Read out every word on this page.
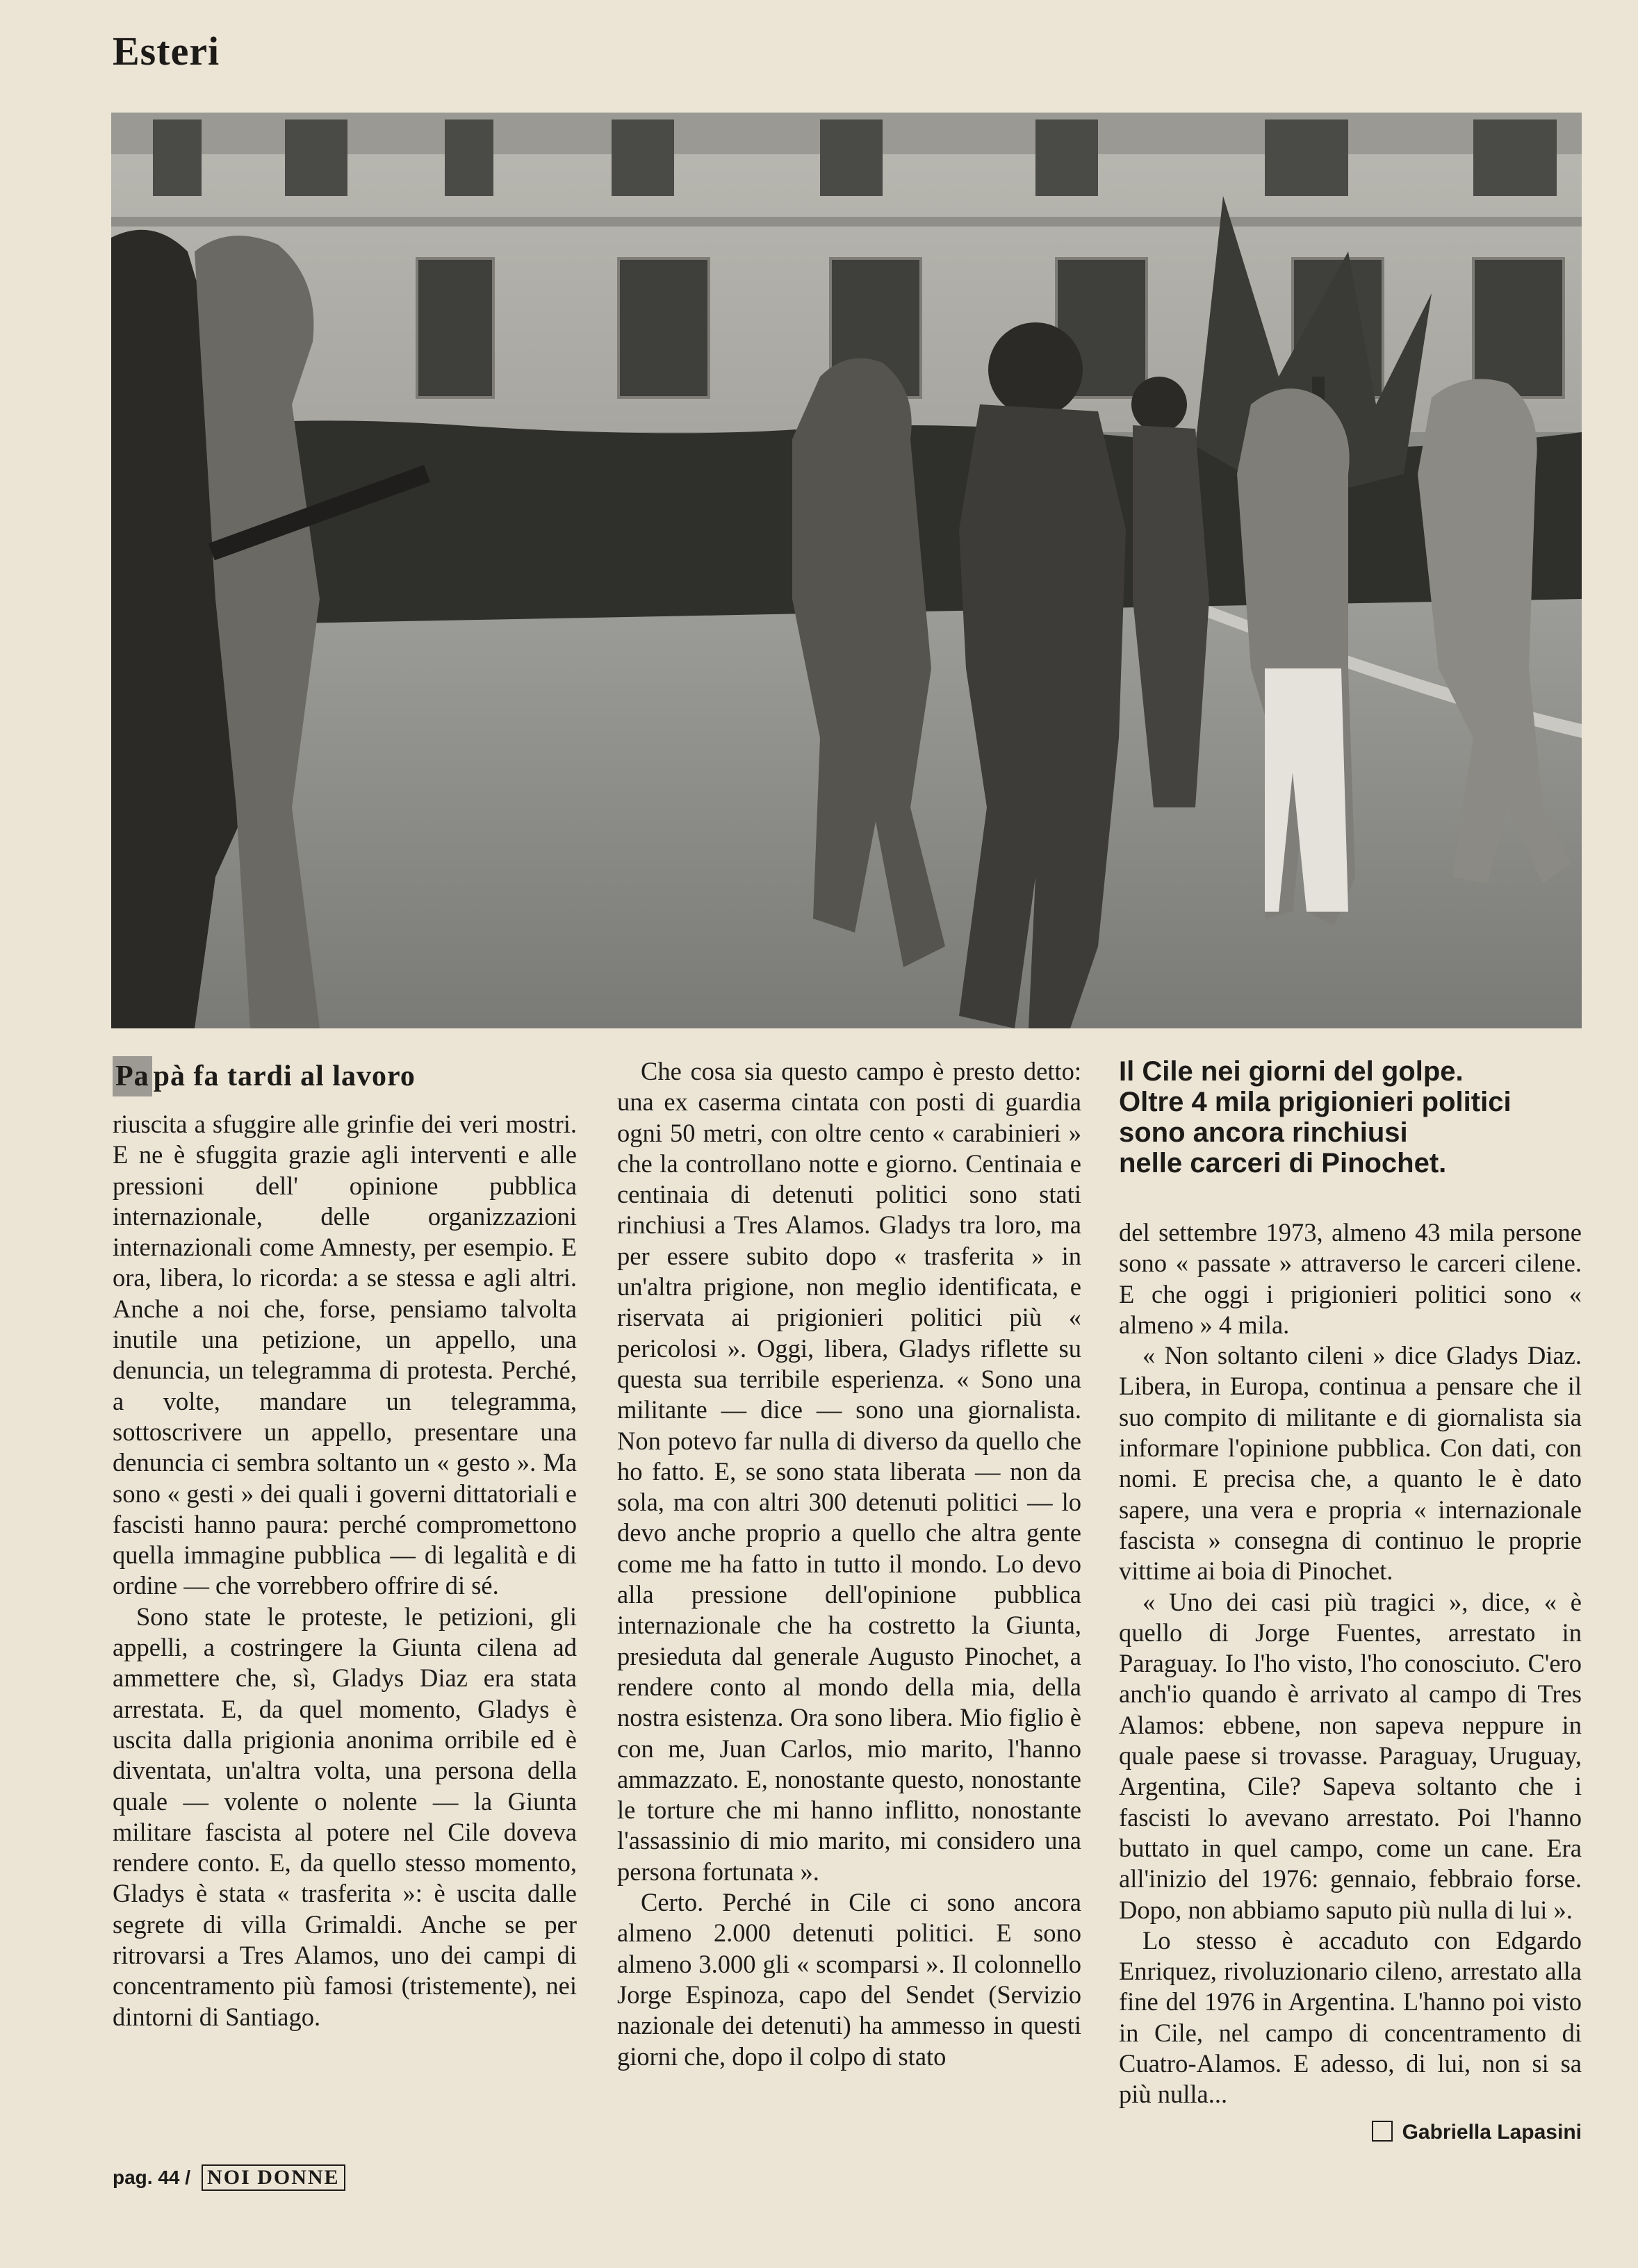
Esteri
Pa pà fa tardi al lavoro

riuscita a sfuggire alle grinfie dei veri mostri. E ne è sfuggita grazie agli interventi e alle pressioni dell' opinione pubblica internazionale, delle organizzazioni internazionali come Amnesty, per esempio. E ora, libera, lo ricorda: a se stessa e agli altri. Anche a noi che, forse, pensiamo talvolta inutile una petizione, un appello, una denuncia, un telegramma di protesta. Perché, a volte, mandare un telegramma, sottoscrivere un appello, presentare una denuncia ci sembra soltanto un « gesto ». Ma sono « gesti » dei quali i governi dittatoriali e fascisti hanno paura: perché compromettono quella immagine pubblica — di legalità e di ordine — che vorrebbero offrire di sé.

Sono state le proteste, le petizioni, gli appelli, a costringere la Giunta cilena ad ammettere che, sì, Gladys Diaz era stata arrestata. E, da quel momento, Gladys è uscita dalla prigionia anonima orribile ed è diventata, un'altra volta, una persona della quale — volente o nolente — la Giunta militare fascista al potere nel Cile doveva rendere conto. E, da quello stesso momento, Gladys è stata « trasferita »: è uscita dalle segrete di villa Grimaldi. Anche se per ritrovarsi a Tres Alamos, uno dei campi di concentramento più famosi (tristemente), nei dintorni di Santiago.

Che cosa sia questo campo è presto detto: una ex caserma cintata con posti di guardia ogni 50 metri, con oltre cento « carabinieri » che la controllano notte e giorno. Centinaia e centinaia di detenuti politici sono stati rinchiusi a Tres Alamos. Gladys tra loro, ma per essere subito dopo « trasferita » in un'altra prigione, non meglio identificata, e riservata ai prigionieri politici più « pericolosi ». Oggi, libera, Gladys riflette su questa sua terribile esperienza. « Sono una militante — dice — sono una giornalista. Non potevo far nulla di diverso da quello che ho fatto. E, se sono stata liberata — non da sola, ma con altri 300 detenuti politici — lo devo anche proprio a quello che altra gente come me ha fatto in tutto il mondo. Lo devo alla pressione dell'opinione pubblica internazionale che ha costretto la Giunta, presieduta dal generale Augusto Pinochet, a rendere conto al mondo della mia, della nostra esistenza. Ora sono libera. Mio figlio è con me, Juan Carlos, mio marito, l'hanno ammazzato. E, nonostante questo, nonostante le torture che mi hanno inflitto, nonostante l'assassinio di mio marito, mi considero una persona fortunata ».

Certo. Perché in Cile ci sono ancora almeno 2.000 detenuti politici. E sono almeno 3.000 gli « scomparsi ». Il colonnello Jorge Espinoza, capo del Sendet (Servizio nazionale dei detenuti) ha ammesso in questi giorni che, dopo il colpo di stato

Il Cile nei giorni del golpe.
Oltre 4 mila prigionieri politici
sono ancora rinchiusi
nelle carceri di Pinochet.

del settembre 1973, almeno 43 mila persone sono « passate » attraverso le carceri cilene. E che oggi i prigionieri politici sono « almeno » 4 mila.

« Non soltanto cileni » dice Gladys Diaz. Libera, in Europa, continua a pensare che il suo compito di militante e di giornalista sia informare l'opinione pubblica. Con dati, con nomi. E precisa che, a quanto le è dato sapere, una vera e propria « internazionale fascista » consegna di continuo le proprie vittime ai boia di Pinochet.

« Uno dei casi più tragici », dice, « è quello di Jorge Fuentes, arrestato in Paraguay. Io l'ho visto, l'ho conosciuto. C'ero anch'io quando è arrivato al campo di Tres Alamos: ebbene, non sapeva neppure in quale paese si trovasse. Paraguay, Uruguay, Argentina, Cile? Sapeva soltanto che i fascisti lo avevano arrestato. Poi l'hanno buttato in quel campo, come un cane. Era all'inizio del 1976: gennaio, febbraio forse. Dopo, non abbiamo saputo più nulla di lui ».

Lo stesso è accaduto con Edgardo Enriquez, rivoluzionario cileno, arrestato alla fine del 1976 in Argentina. L'hanno poi visto in Cile, nel campo di concentramento di Cuatro-Alamos. E adesso, di lui, non si sa più nulla...

Gabriella Lapasini
pag. 44 / NOI DONNE
